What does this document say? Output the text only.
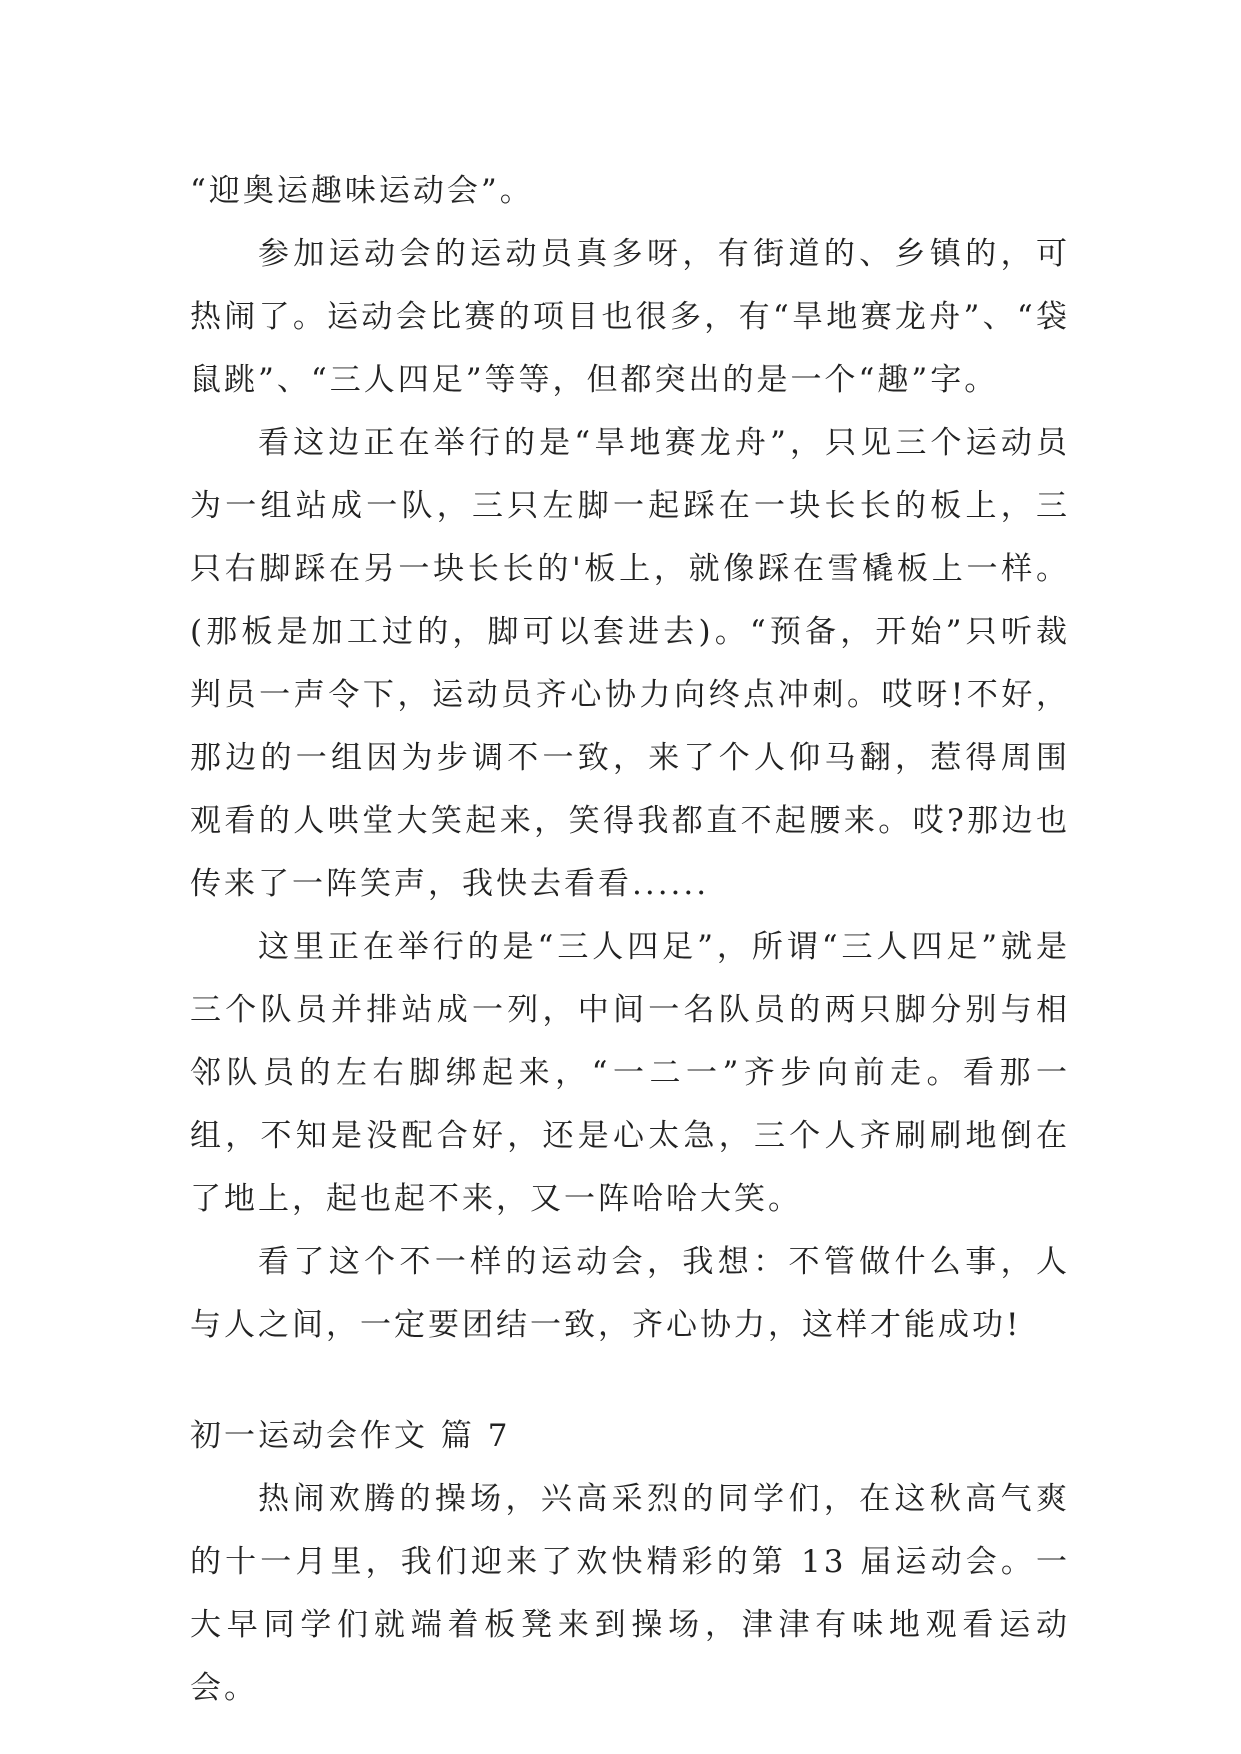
“迎奥运趣味运动会”。

参加运动会的运动员真多呀，有街道的、乡镇的，可热闹了。运动会比赛的项目也很多，有“旱地赛龙舟”、“袋鼠跳”、“三人四足”等等，但都突出的是一个“趣”字。

看这边正在举行的是“旱地赛龙舟”，只见三个运动员为一组站成一队，三只左脚一起踩在一块长长的板上，三只右脚踩在另一块长长的'板上，就像踩在雪橇板上一样。(那板是加工过的，脚可以套进去)。“预备，开始”只听裁判员一声令下，运动员齐心协力向终点冲刺。哎呀!不好，那边的一组因为步调不一致，来了个人仰马翻，惹得周围观看的人哄堂大笑起来，笑得我都直不起腰来。哎?那边也传来了一阵笑声，我快去看看......

这里正在举行的是“三人四足”，所谓“三人四足”就是三个队员并排站成一列，中间一名队员的两只脚分别与相邻队员的左右脚绑起来，“一二一”齐步向前走。看那一组，不知是没配合好，还是心太急，三个人齐刷刷地倒在了地上，起也起不来，又一阵哈哈大笑。

看了这个不一样的运动会，我想：不管做什么事，人与人之间，一定要团结一致，齐心协力，这样才能成功!

初一运动会作文 篇 7

热闹欢腾的操场，兴高采烈的同学们，在这秋高气爽的十一月里，我们迎来了欢快精彩的第 13 届运动会。一大早同学们就端着板凳来到操场，津津有味地观看运动会。
